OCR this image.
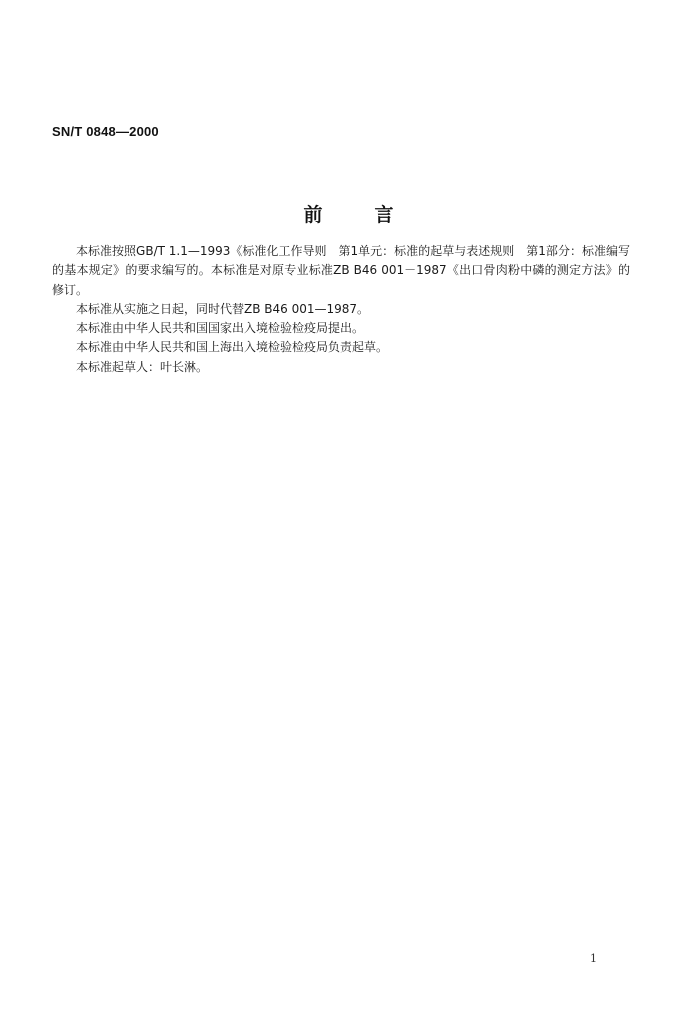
SN/T 0848—2000
前	言

本标准按照GB/T 1.1—1993《标准化工作导则　第1单元：标准的起草与表述规则　第1部分：标准编写的基本规定》的要求编写的。本标准是对原专业标准ZB B46 001－1987《出口骨肉粉中磷的测定方法》的修订。

本标准从实施之日起，同时代替ZB B46 001—1987。

本标准由中华人民共和国国家出入境检验检疫局提出。

本标准由中华人民共和国上海出入境检验检疫局负责起草。

本标准起草人：叶长淋。

1
